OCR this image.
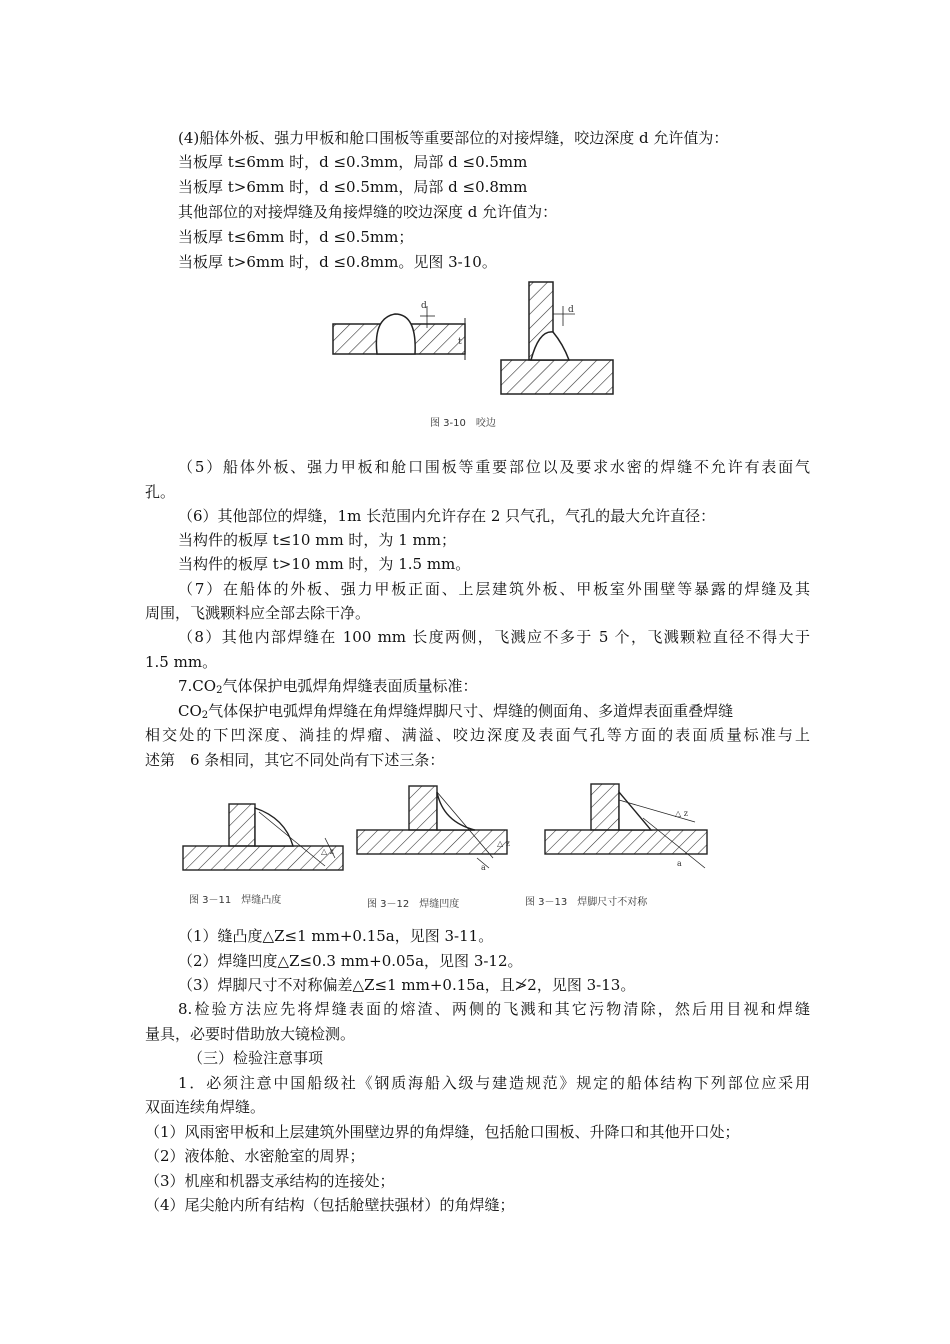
(4)船体外板、强力甲板和舱口围板等重要部位的对接焊缝，咬边深度 d 允许值为：
当板厚 t≤6mm 时，d ≤0.3mm，局部 d ≤0.5mm
当板厚 t>6mm 时，d ≤0.5mm，局部 d ≤0.8mm
其他部位的对接焊缝及角接焊缝的咬边深度 d 允许值为：
当板厚 t≤6mm 时，d ≤0.5mm；
当板厚 t>6mm 时，d ≤0.8mm。见图 3-10。
d
t
d
图 3-10　咬边
（5）船体外板、强力甲板和舱口围板等重要部位以及要求水密的焊缝不允许有表面气
孔。
（6）其他部位的焊缝，1m 长范围内允许存在 2 只气孔，气孔的最大允许直径：
当构件的板厚 t≤10 mm 时，为 1 mm；
当构件的板厚 t>10 mm 时，为 1.5 mm。
（7）在船体的外板、强力甲板正面、上层建筑外板、甲板室外围壁等暴露的焊缝及其
周围，飞溅颗料应全部去除干净。
（8）其他内部焊缝在 100 mm 长度两侧，飞溅应不多于 5 个，飞溅颗粒直径不得大于
1.5 mm。
$7.CO_2$气体保护电弧焊角焊缝表面质量标准：
$CO_2$气体保护电弧焊角焊缝在角焊缝焊脚尺寸、焊缝的侧面角、多道焊表面重叠焊缝
相交处的下凹深度、淌挂的焊瘤、满溢、咬边深度及表面气孔等方面的表面质量标准与上
述第　6 条相同，其它不同处尚有下述三条：
△ z
图 3－11　焊缝凸度
a
△ z
图 3－12　焊缝凹度
△ z
a
图 3－13　焊脚尺寸不对称
（1）缝凸度△Z≤1 mm+0.15a，见图 3-11。
（2）焊缝凹度△Z≤0.3 mm+0.05a，见图 3-12。
（3）焊脚尺寸不对称偏差△Z≤1 mm+0.15a，且≯2，见图 3-13。
8.检验方法应先将焊缝表面的熔渣、两侧的飞溅和其它污物清除，然后用目视和焊缝
量具，必要时借助放大镜检测。
（三）检验注意事项
1．必须注意中国船级社《钢质海船入级与建造规范》规定的船体结构下列部位应采用
双面连续角焊缝。
（1）风雨密甲板和上层建筑外围壁边界的角焊缝，包括舱口围板、升降口和其他开口处；
（2）液体舱、水密舱室的周界；
（3）机座和机器支承结构的连接处；
（4）尾尖舱内所有结构（包括舱壁扶强材）的角焊缝；
